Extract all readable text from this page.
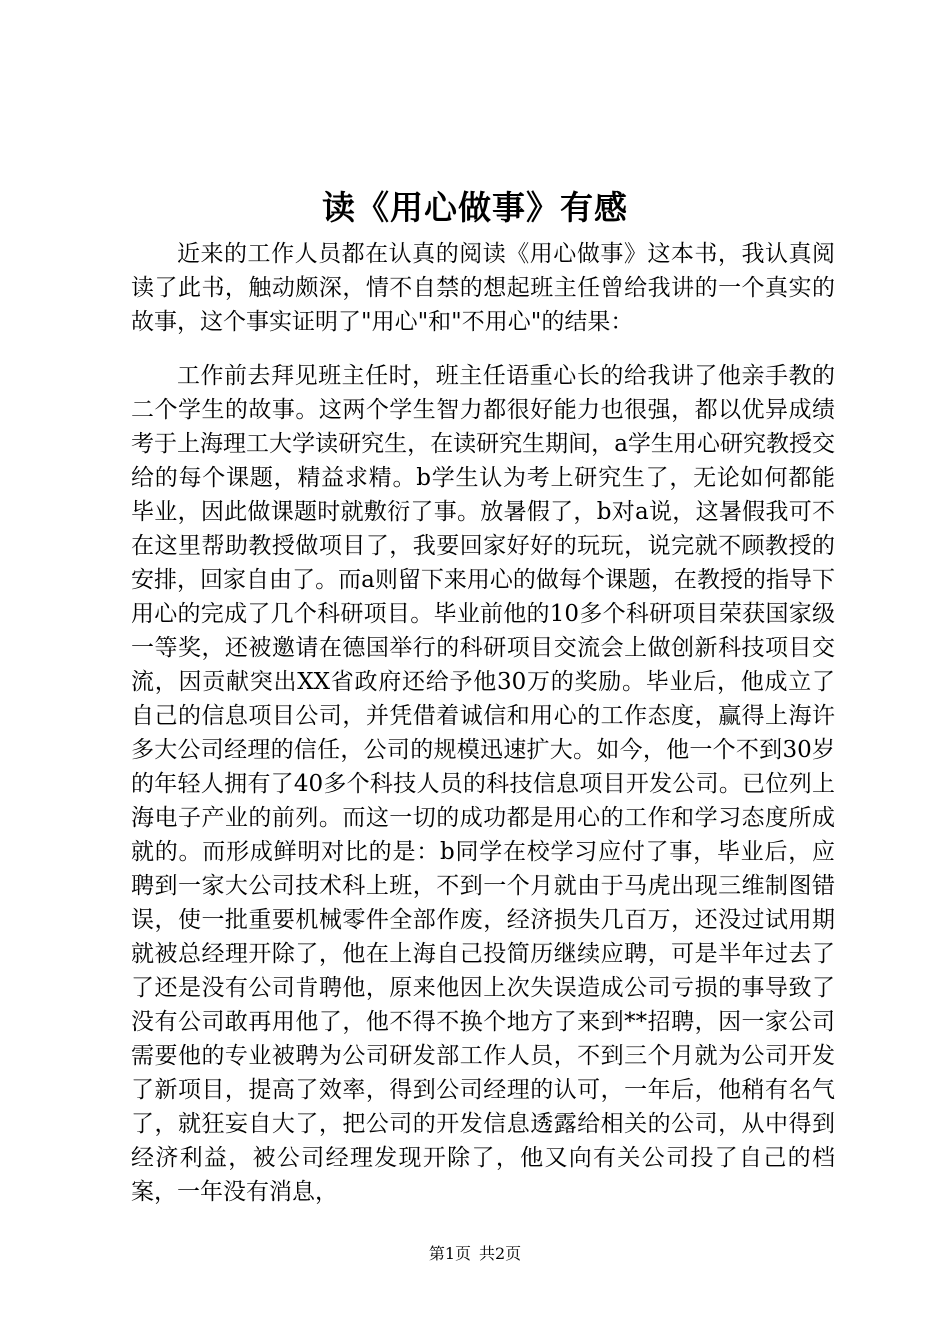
读《用心做事》有感

近来的工作人员都在认真的阅读《用心做事》这本书，我认真阅读了此书，触动颇深，情不自禁的想起班主任曾给我讲的一个真实的故事，这个事实证明了"用心"和"不用心"的结果：

工作前去拜见班主任时，班主任语重心长的给我讲了他亲手教的二个学生的故事。这两个学生智力都很好能力也很强，都以优异成绩考于上海理工大学读研究生，在读研究生期间，a学生用心研究教授交给的每个课题，精益求精。b学生认为考上研究生了，无论如何都能毕业，因此做课题时就敷衍了事。放暑假了，b对a说，这暑假我可不在这里帮助教授做项目了，我要回家好好的玩玩，说完就不顾教授的安排，回家自由了。而a则留下来用心的做每个课题，在教授的指导下用心的完成了几个科研项目。毕业前他的10多个科研项目荣获国家级一等奖，还被邀请在德国举行的科研项目交流会上做创新科技项目交流，因贡献突出XX省政府还给予他30万的奖励。毕业后，他成立了自己的信息项目公司，并凭借着诚信和用心的工作态度，赢得上海许多大公司经理的信任，公司的规模迅速扩大。如今，他一个不到30岁的年轻人拥有了40多个科技人员的科技信息项目开发公司。已位列上海电子产业的前列。而这一切的成功都是用心的工作和学习态度所成就的。而形成鲜明对比的是：b同学在校学习应付了事，毕业后，应聘到一家大公司技术科上班，不到一个月就由于马虎出现三维制图错误，使一批重要机械零件全部作废，经济损失几百万，还没过试用期就被总经理开除了，他在上海自己投简历继续应聘，可是半年过去了了还是没有公司肯聘他，原来他因上次失误造成公司亏损的事导致了没有公司敢再用他了，他不得不换个地方了来到**招聘，因一家公司需要他的专业被聘为公司研发部工作人员，不到三个月就为公司开发了新项目，提高了效率，得到公司经理的认可，一年后，他稍有名气了，就狂妄自大了，把公司的开发信息透露给相关的公司，从中得到经济利益，被公司经理发现开除了，他又向有关公司投了自己的档案，一年没有消息，

第1页 共2页
